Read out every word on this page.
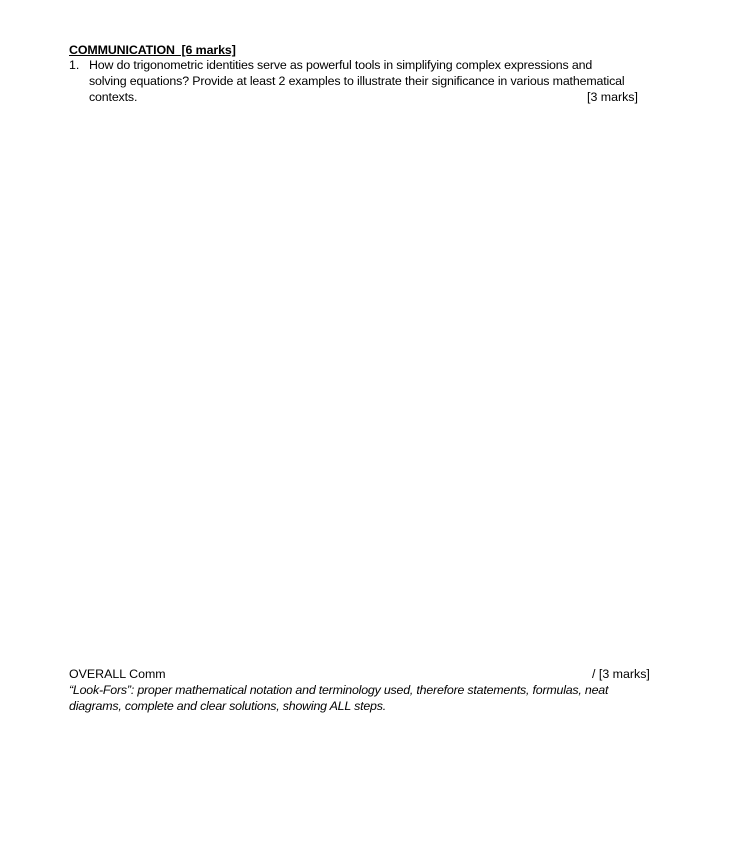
COMMUNICATION  [6 marks]
1. How do trigonometric identities serve as powerful tools in simplifying complex expressions and
solving equations? Provide at least 2 examples to illustrate their significance in various mathematical
contexts.	[3 marks]
OVERALL Comm	/ [3 marks]
“Look-Fors”: proper mathematical notation and terminology used, therefore statements, formulas, neat
diagrams, complete and clear solutions, showing ALL steps.
